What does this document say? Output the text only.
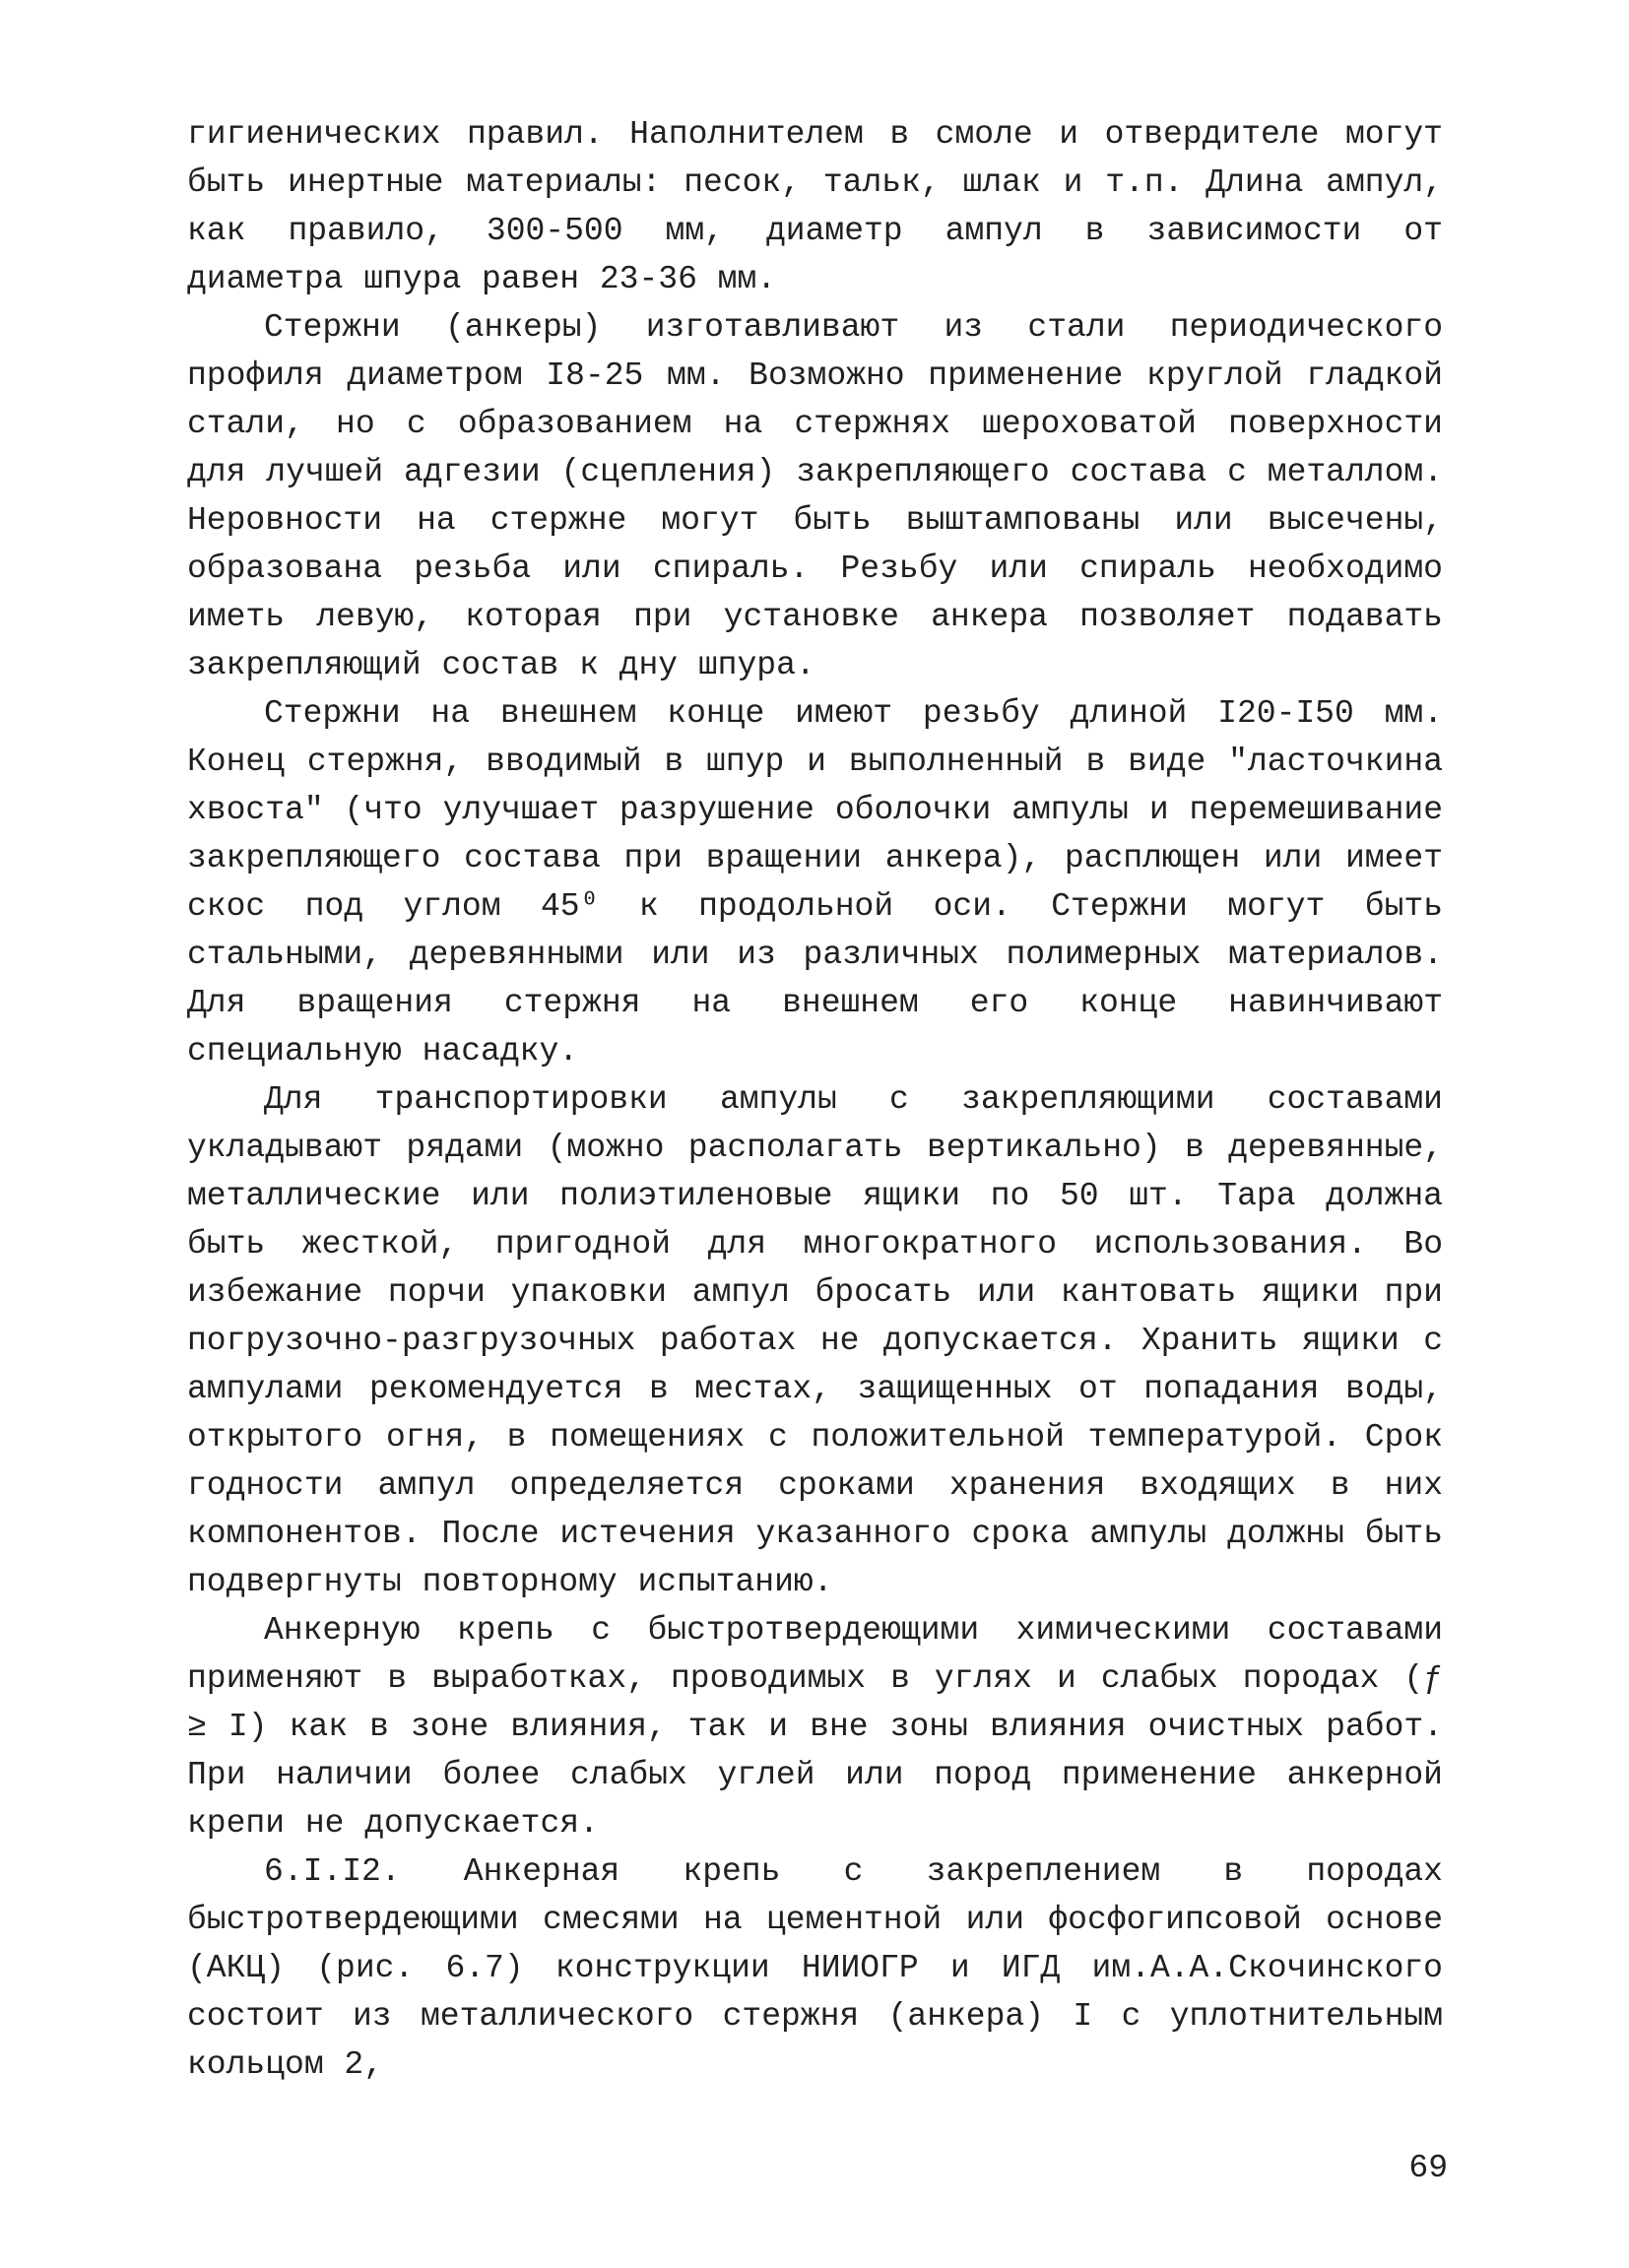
гигиенических правил. Наполнителем в смоле и отвердителе могут быть инертные материалы: песок, тальк, шлак и т.п. Длина ампул, как правило, 300-500 мм, диаметр ампул в зависимости от диаметра шпура равен 23-36 мм.

Стержни (анкеры) изготавливают из стали периодического профиля диаметром I8-25 мм. Возможно применение круглой гладкой стали, но с образованием на стержнях шероховатой поверхности для лучшей адгезии (сцепления) закрепляющего состава с металлом. Неровности на стержне могут быть выштампованы или высечены, образована резьба или спираль. Резьбу или спираль необходимо иметь левую, которая при установке анкера позволяет подавать закрепляющий состав к дну шпура.

Стержни на внешнем конце имеют резьбу длиной I20-I50 мм. Конец стержня, вводимый в шпур и выполненный в виде "ласточкина хвоста" (что улучшает разрушение оболочки ампулы и перемешивание закрепляющего состава при вращении анкера), расплющен или имеет скос под углом 45⁰ к продольной оси. Стержни могут быть стальными, деревянными или из различных полимерных материалов. Для вращения стержня на внешнем его конце навинчивают специальную насадку.

Для транспортировки ампулы с закрепляющими составами укладывают рядами (можно располагать вертикально) в деревянные, металлические или полиэтиленовые ящики по 50 шт. Тара должна быть жесткой, пригодной для многократного использования. Во избежание порчи упаковки ампул бросать или кантовать ящики при погрузочно-разгрузочных работах не допускается. Хранить ящики с ампулами рекомендуется в местах, защищенных от попадания воды, открытого огня, в помещениях с положительной температурой. Срок годности ампул определяется сроками хранения входящих в них компонентов. После истечения указанного срока ампулы должны быть подвергнуты повторному испытанию.

Анкерную крепь с быстротвердеющими химическими составами применяют в выработках, проводимых в углях и слабых породах (ƒ ≥ I) как в зоне влияния, так и вне зоны влияния очистных работ. При наличии более слабых углей или пород применение анкерной крепи не допускается.

6.I.I2. Анкерная крепь с закреплением в породах быстротвердеющими смесями на цементной или фосфогипсовой основе (АКЦ) (рис. 6.7) конструкции НИИОГР и ИГД им.А.А.Скочинского состоит из металлического стержня (анкера) I с уплотнительным кольцом 2,

69
